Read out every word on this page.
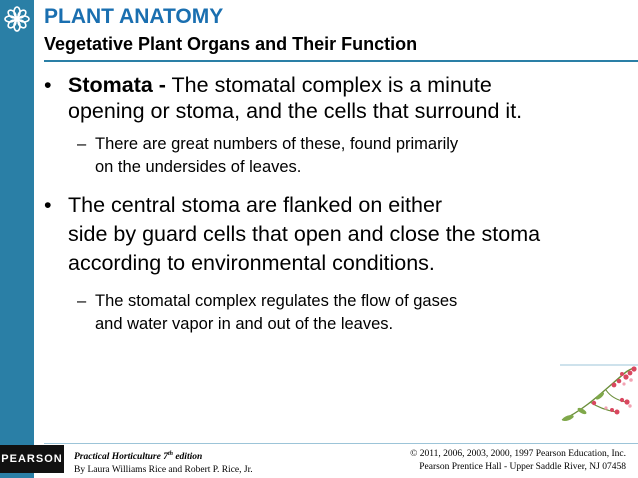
PLANT ANATOMY
Vegetative Plant Organs and Their Function
• Stomata - The stomatal complex is a minute
opening or stoma, and the cells that surround it.
– There are great numbers of these, found primarily
on the undersides of leaves.
• The central stoma are flanked on either
side by guard cells that open and close the stoma
according to environmental conditions.
– The stomatal complex regulates the flow of gases
and water vapor in and out of the leaves.
PEARSON Practical Horticulture 7th edition
By Laura Williams Rice and Robert P. Rice, Jr.
© 2011, 2006, 2003, 2000, 1997 Pearson Education, Inc.
Pearson Prentice Hall - Upper Saddle River, NJ 07458
